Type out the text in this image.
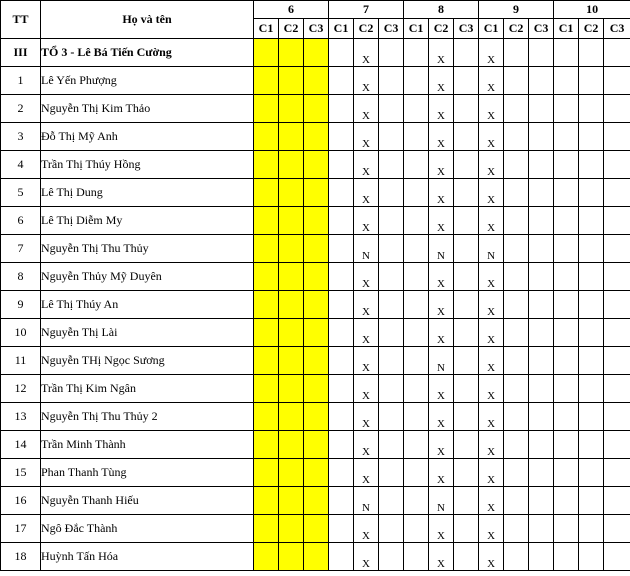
TT	Họ và tên	6			7			8			9			10			
		C1	C2	C3	C1	C2	C3	C1	C2	C3	C1	C2	C3	C1	C2	C3	
III	TỔ 3 - Lê Bá Tiến Cường					X			X		X								
1	Lê Yến Phượng					X			X		X								
2	Nguyễn Thị Kim Thảo					X			X		X								
3	Đỗ Thị Mỹ Anh					X			X		X								
4	Trần Thị Thúy Hồng					X			X		X								
5	Lê Thị Dung					X			X		X								
6	Lê Thị Diễm My					X			X		X								
7	Nguyễn Thị Thu Thủy					N			N		N								
8	Nguyễn Thủy Mỹ Duyên					X			X		X								
9	Lê Thị Thúy An					X			X		X								
10	Nguyễn Thị Lài					X			X		X								
11	Nguyễn THị Ngọc Sương					X			N		X								
12	Trần Thị Kim Ngân					X			X		X								
13	Nguyễn Thị Thu Thủy 2					X			X		X								
14	Trần Minh Thành					X			X		X								
15	Phan Thanh Tùng					X			X		X								
16	Nguyễn Thanh Hiếu					N			N		X								
17	Ngô Đắc Thành					X			X		X								
18	Huỳnh Tấn Hóa					X			X		X								
